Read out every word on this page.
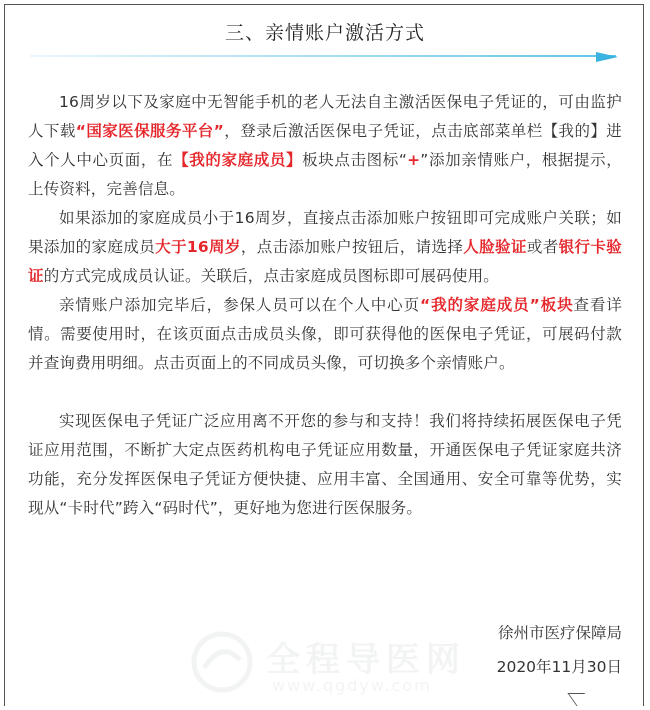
三、亲情账户激活方式

16周岁以下及家庭中无智能手机的老人无法自主激活医保电子凭证的，可由监护人下载“国家医保服务平台”，登录后激活医保电子凭证，点击底部菜单栏【我的】进入个人中心页面，在【我的家庭成员】板块点击图标“+”添加亲情账户，根据提示，上传资料，完善信息。

如果添加的家庭成员小于16周岁，直接点击添加账户按钮即可完成账户关联；如果添加的家庭成员大于16周岁，点击添加账户按钮后，请选择人脸验证或者银行卡验证的方式完成成员认证。关联后，点击家庭成员图标即可展码使用。

亲情账户添加完毕后，参保人员可以在个人中心页“我的家庭成员”板块查看详情。需要使用时，在该页面点击成员头像，即可获得他的医保电子凭证，可展码付款并查询费用明细。点击页面上的不同成员头像，可切换多个亲情账户。

实现医保电子凭证广泛应用离不开您的参与和支持！我们将持续拓展医保电子凭证应用范围，不断扩大定点医药机构电子凭证应用数量，开通医保电子凭证家庭共济功能，充分发挥医保电子凭证方便快捷、应用丰富、全国通用、安全可靠等优势，实现从“卡时代”跨入“码时代”，更好地为您进行医保服务。

徐州市医疗保障局
2020年11月30日
全程导医网
www.qgdyw.com
